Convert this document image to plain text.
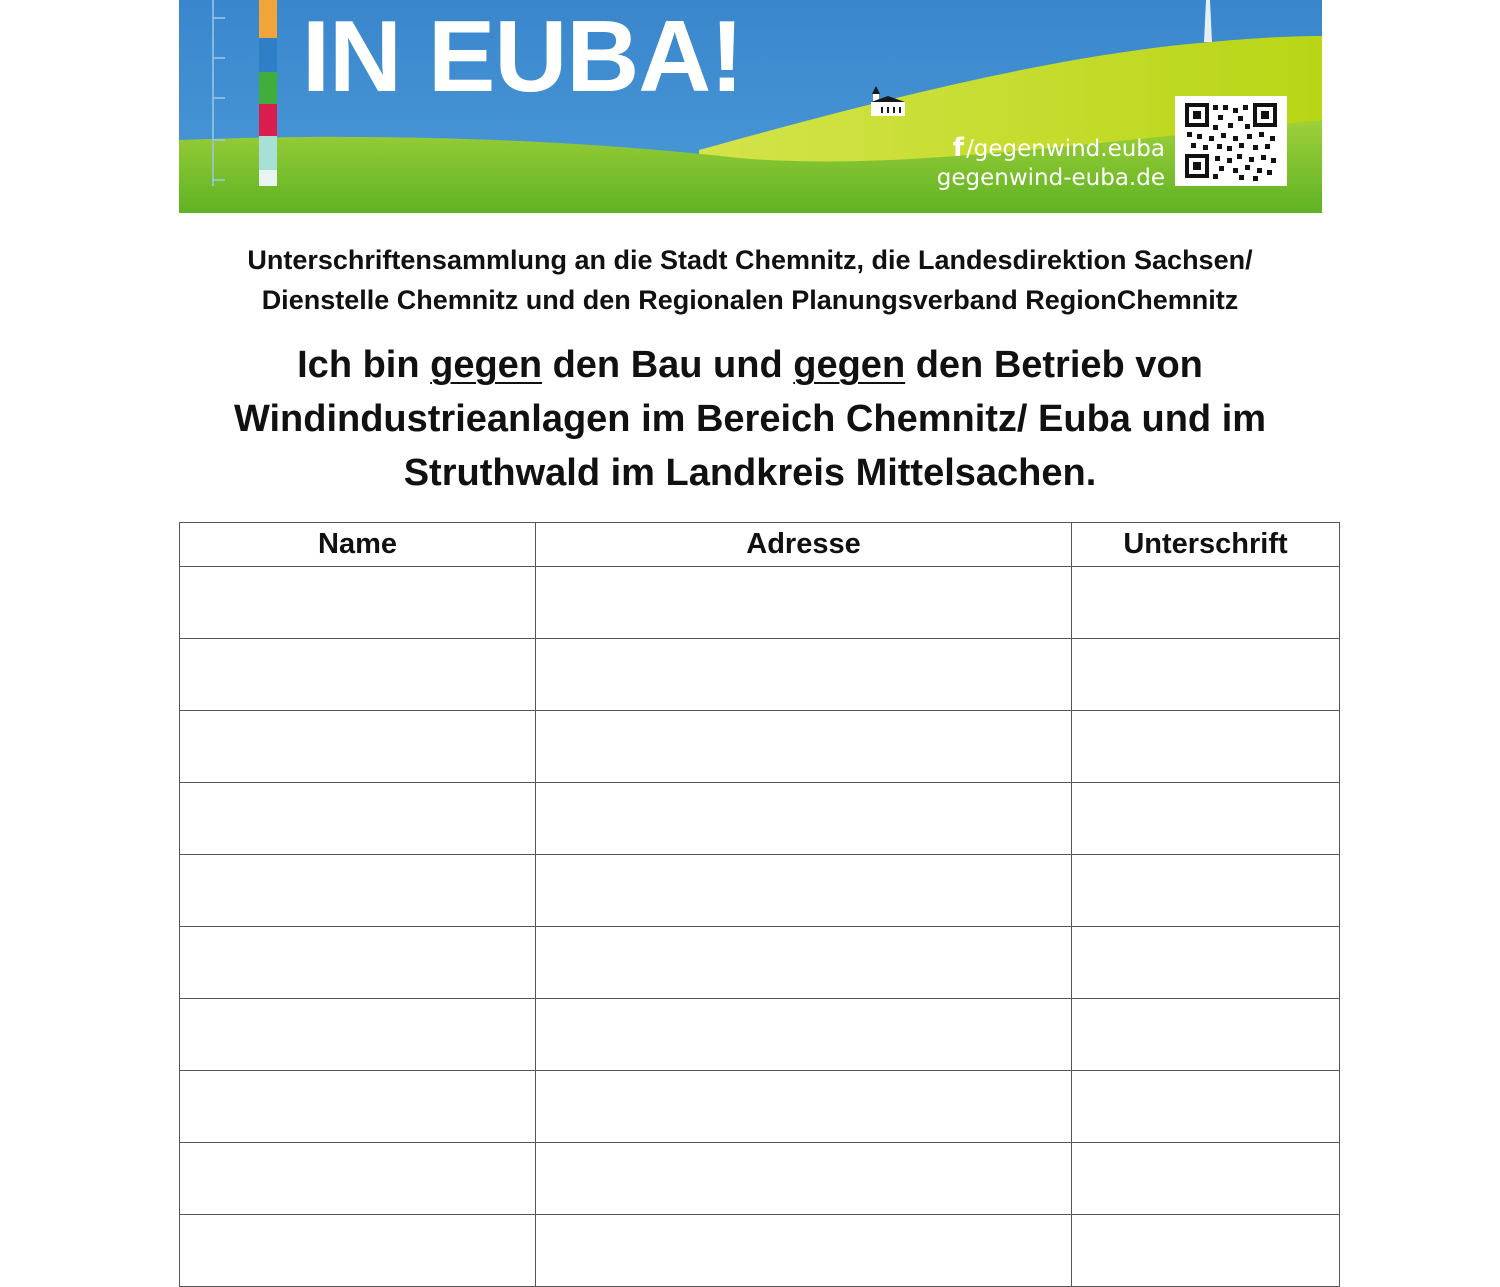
IN EUBA!
f/gegenwind.euba
gegenwind-euba.de

Unterschriftensammlung an die Stadt Chemnitz, die Landesdirektion Sachsen/
Dienstelle Chemnitz und den Regionalen Planungsverband RegionChemnitz

Ich bin gegen den Bau und gegen den Betrieb von
Windindustrieanlagen im Bereich Chemnitz/ Euba und im
Struthwald im Landkreis Mittelsachen.

Name	Adresse	Unterschrift
